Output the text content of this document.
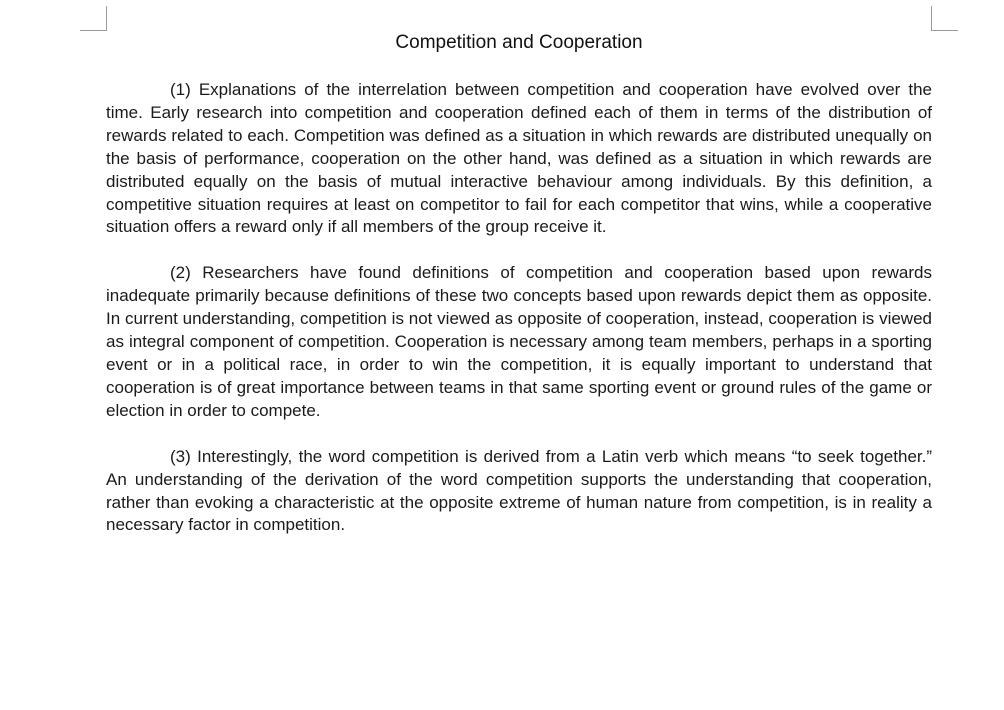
Competition and Cooperation

(1) Explanations of the interrelation between competition and cooperation have evolved over the time. Early research into competition and cooperation defined each of them in terms of the distribution of rewards related to each. Competition was defined as a situation in which rewards are distributed unequally on the basis of performance, cooperation on the other hand, was defined as a situation in which rewards are distributed equally on the basis of mutual interactive behaviour among individuals. By this definition, a competitive situation requires at least on competitor to fail for each competitor that wins, while a cooperative situation offers a reward only if all members of the group receive it.

(2) Researchers have found definitions of competition and cooperation based upon rewards inadequate primarily because definitions of these two concepts based upon rewards depict them as opposite. In current understanding, competition is not viewed as opposite of cooperation, instead, cooperation is viewed as integral component of competition. Cooperation is necessary among team members, perhaps in a sporting event or in a political race, in order to win the competition, it is equally important to understand that cooperation is of great importance between teams in that same sporting event or ground rules of the game or election in order to compete.

(3) Interestingly, the word competition is derived from a Latin verb which means “to seek together.” An understanding of the derivation of the word competition supports the understanding that cooperation, rather than evoking a characteristic at the opposite extreme of human nature from competition, is in reality a necessary factor in competition.
